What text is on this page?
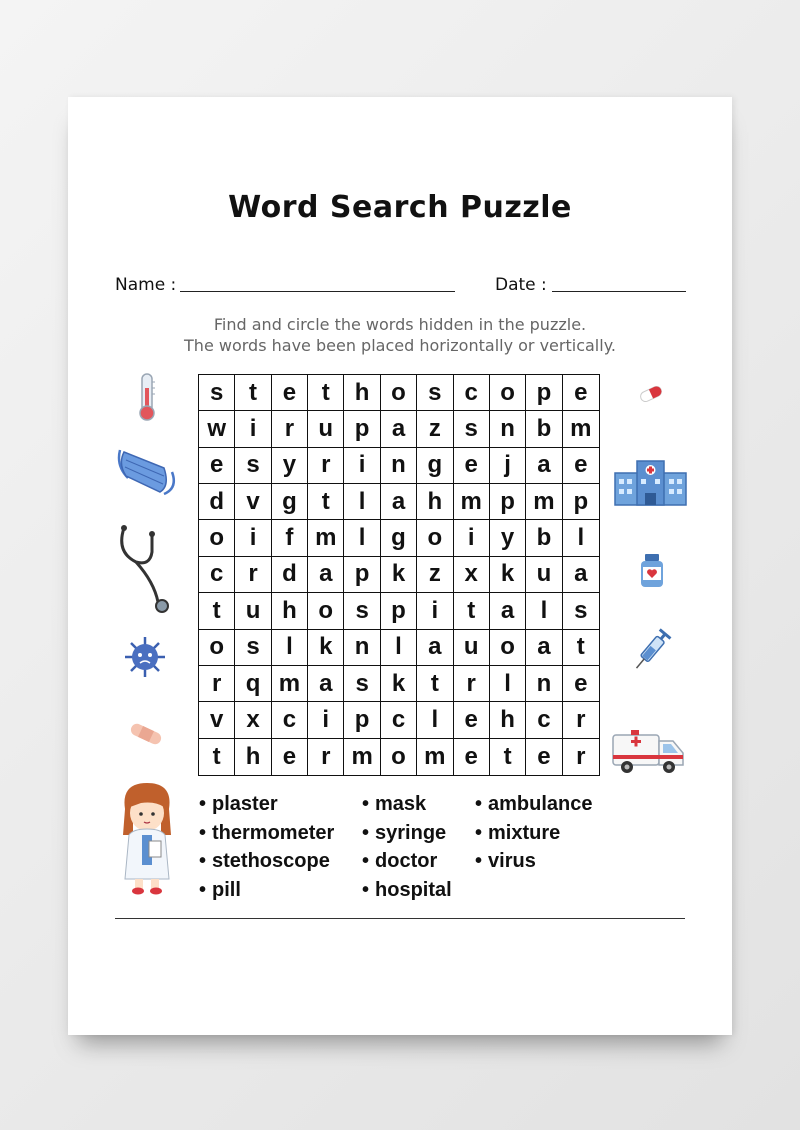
Word Search Puzzle
Name :	Date :
Find and circle the words hidden in the puzzle.
The words have been placed horizontally or vertically.
s	t	e	t	h o s c o p e
w i	r	u p a z s n b m
e s y	r	i	n g e	j	a e
d v g	t	l	a h m p m p
o	i	f m l	g o	i	y b	l
c	r	d a p k z x k u a
t	u h o s p	i	t	a	l	s
o s	l	k n	l	a u o a	t
r	q m a s k	t	r	l	n e
v x c	i	p c	l	e h c	r
t	h e	r m o m e	t	e	r
• plaster
• thermometer
• stethoscope
• pill
• mask
• syringe
• doctor
• hospital
• ambulance
• mixture
• virus
